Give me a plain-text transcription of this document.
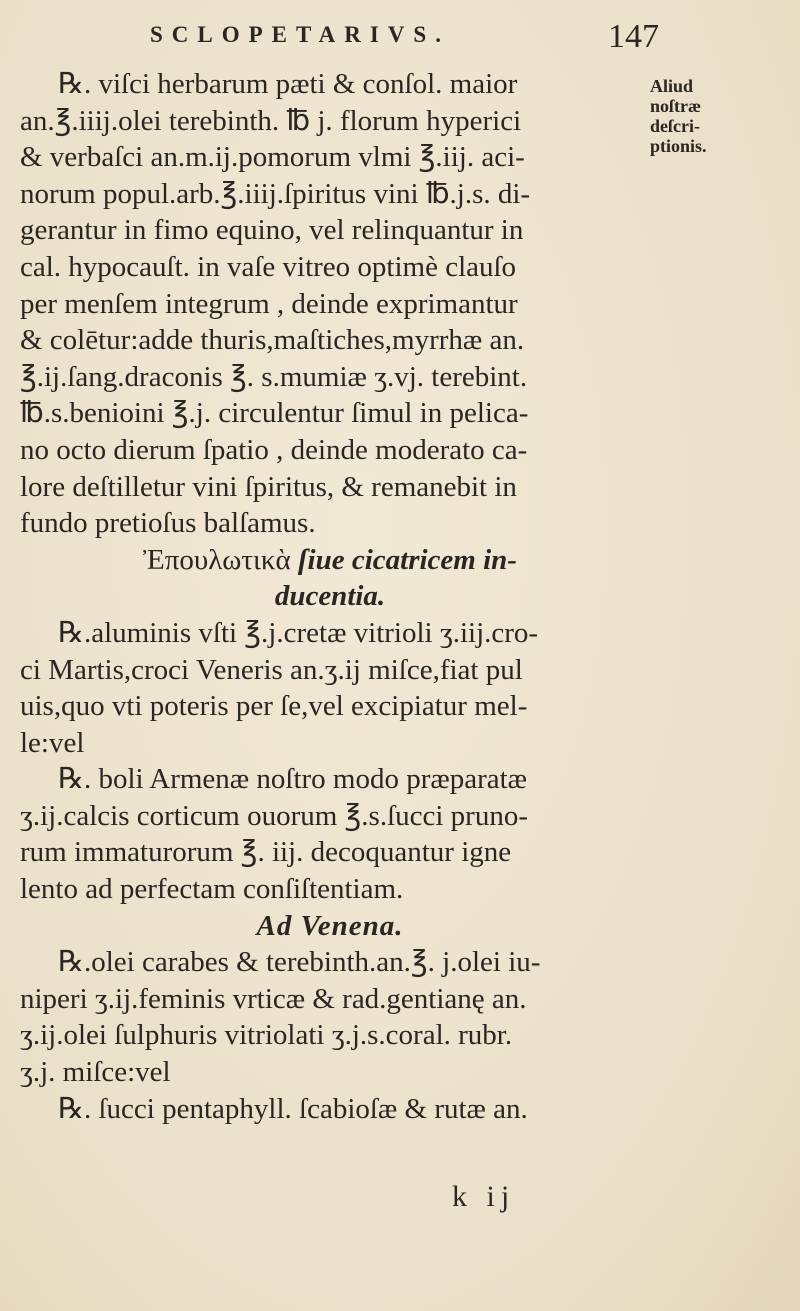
SCLOPETARIVS.	147
Aliud
noſtræ
deſcri-
ptionis.
℞. viſci herbarum pæti & conſol. maior
an.℥.iiij.olei terebinth. ℔ j. florum hyperici
& verbaſci an.m.ij.pomorum vlmi ℥.iij. aci-
norum popul.arb.℥.iiij.ſpiritus vini ℔.j.s. di-
gerantur in fimo equino, vel relinquantur in
cal. hypocauſt. in vaſe vitreo optimè clauſo
per menſem integrum , deinde exprimantur
& colētur:adde thuris,maſtiches,myrrhæ an.
℥.ij.ſang.draconis ℥. s.mumiæ ʒ.vj. terebint.
℔.s.benioini ℥.j. circulentur ſimul in pelica-
no octo dierum ſpatio , deinde moderato ca-
lore deſtilletur vini ſpiritus, & remanebit in
fundo pretioſus balſamus.
Ἐπουλωτικὰ ſiue cicatricem in-
ducentia.
℞.aluminis vſti ℥.j.cretæ vitrioli ʒ.iij.cro-
ci Martis,croci Veneris an.ʒ.ij miſce,fiat pul
uis,quo vti poteris per ſe,vel excipiatur mel-
le:vel
℞. boli Armenæ noſtro modo præparatæ
ʒ.ij.calcis corticum ouorum ℥.s.ſucci pruno-
rum immaturorum ℥. iij. decoquantur igne
lento ad perfectam conſiſtentiam.
Ad Venena.
℞.olei carabes & terebinth.an.℥. j.olei iu-
niperi ʒ.ij.feminis vrticæ & rad.gentianę an.
ʒ.ij.olei ſulphuris vitriolati ʒ.j.s.coral. rubr.
ʒ.j. miſce:vel
℞. ſucci pentaphyll. ſcabioſæ & rutæ an.
k ij
